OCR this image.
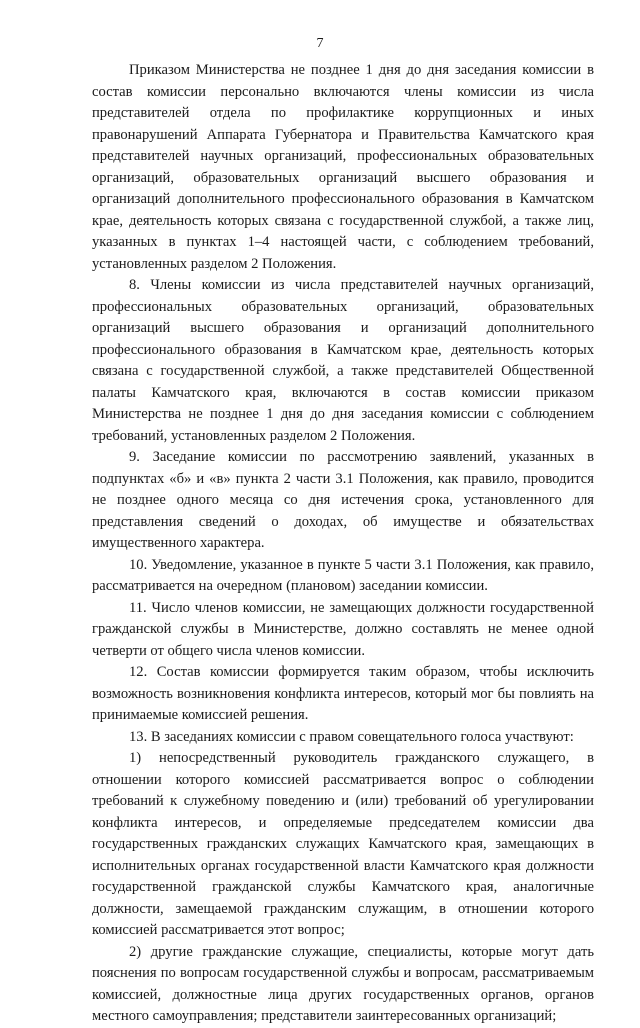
7

Приказом Министерства не позднее 1 дня до дня заседания комиссии в состав комиссии персонально включаются члены комиссии из числа представителей отдела по профилактике коррупционных и иных правонарушений Аппарата Губернатора и Правительства Камчатского края представителей научных организаций, профессиональных образовательных организаций, образовательных организаций высшего образования и организаций дополнительного профессионального образования в Камчатском крае, деятельность которых связана с государственной службой, а также лиц, указанных в пунктах 1–4 настоящей части, с соблюдением требований, установленных разделом 2 Положения.

8. Члены комиссии из числа представителей научных организаций, профессиональных образовательных организаций, образовательных организаций высшего образования и организаций дополнительного профессионального образования в Камчатском крае, деятельность которых связана с государственной службой, а также представителей Общественной палаты Камчатского края, включаются в состав комиссии приказом Министерства не позднее 1 дня до дня заседания комиссии с соблюдением требований, установленных разделом 2 Положения.

9. Заседание комиссии по рассмотрению заявлений, указанных в подпунктах «б» и «в» пункта 2 части 3.1 Положения, как правило, проводится не позднее одного месяца со дня истечения срока, установленного для представления сведений о доходах, об имуществе и обязательствах имущественного характера.

10. Уведомление, указанное в пункте 5 части 3.1 Положения, как правило, рассматривается на очередном (плановом) заседании комиссии.

11. Число членов комиссии, не замещающих должности государственной гражданской службы в Министерстве, должно составлять не менее одной четверти от общего числа членов комиссии.

12. Состав комиссии формируется таким образом, чтобы исключить возможность возникновения конфликта интересов, который мог бы повлиять на принимаемые комиссией решения.

13. В заседаниях комиссии с правом совещательного голоса участвуют:

1) непосредственный руководитель гражданского служащего, в отношении которого комиссией рассматривается вопрос о соблюдении требований к служебному поведению и (или) требований об урегулировании конфликта интересов, и определяемые председателем комиссии два государственных гражданских служащих Камчатского края, замещающих в исполнительных органах государственной власти Камчатского края должности государственной гражданской службы Камчатского края, аналогичные должности, замещаемой гражданским служащим, в отношении которого комиссией рассматривается этот вопрос;

2) другие гражданские служащие, специалисты, которые могут дать пояснения по вопросам государственной службы и вопросам, рассматриваемым комиссией, должностные лица других государственных органов, органов местного самоуправления; представители заинтересованных организаций;
